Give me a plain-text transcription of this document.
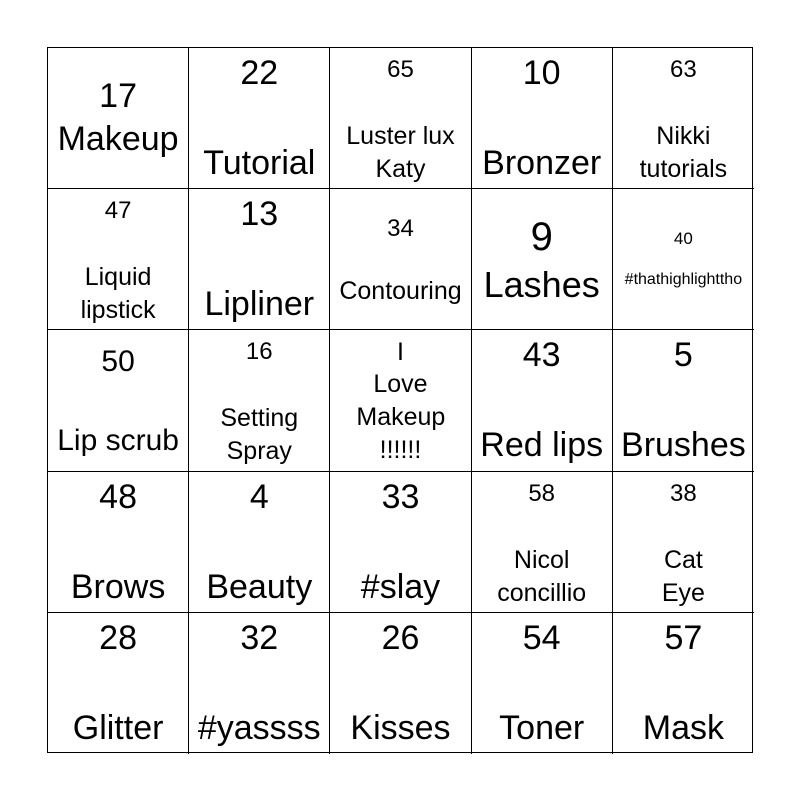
17
Makeup
22
Tutorial
65
Luster lux Katy
10
Bronzer
63
Nikki tutorials
47
Liquid lipstick
13
Lipliner
34
Contouring
9
Lashes
40
#thathighlighttho
50
Lip scrub
16
Setting Spray
I
Love Makeup !!!!!!
43
Red lips
5
Brushes
48
Brows
4
Beauty
33
#slay
58
Nicol concillio
38
Cat Eye
28
Glitter
32
#yassss
26
Kisses
54
Toner
57
Mask
